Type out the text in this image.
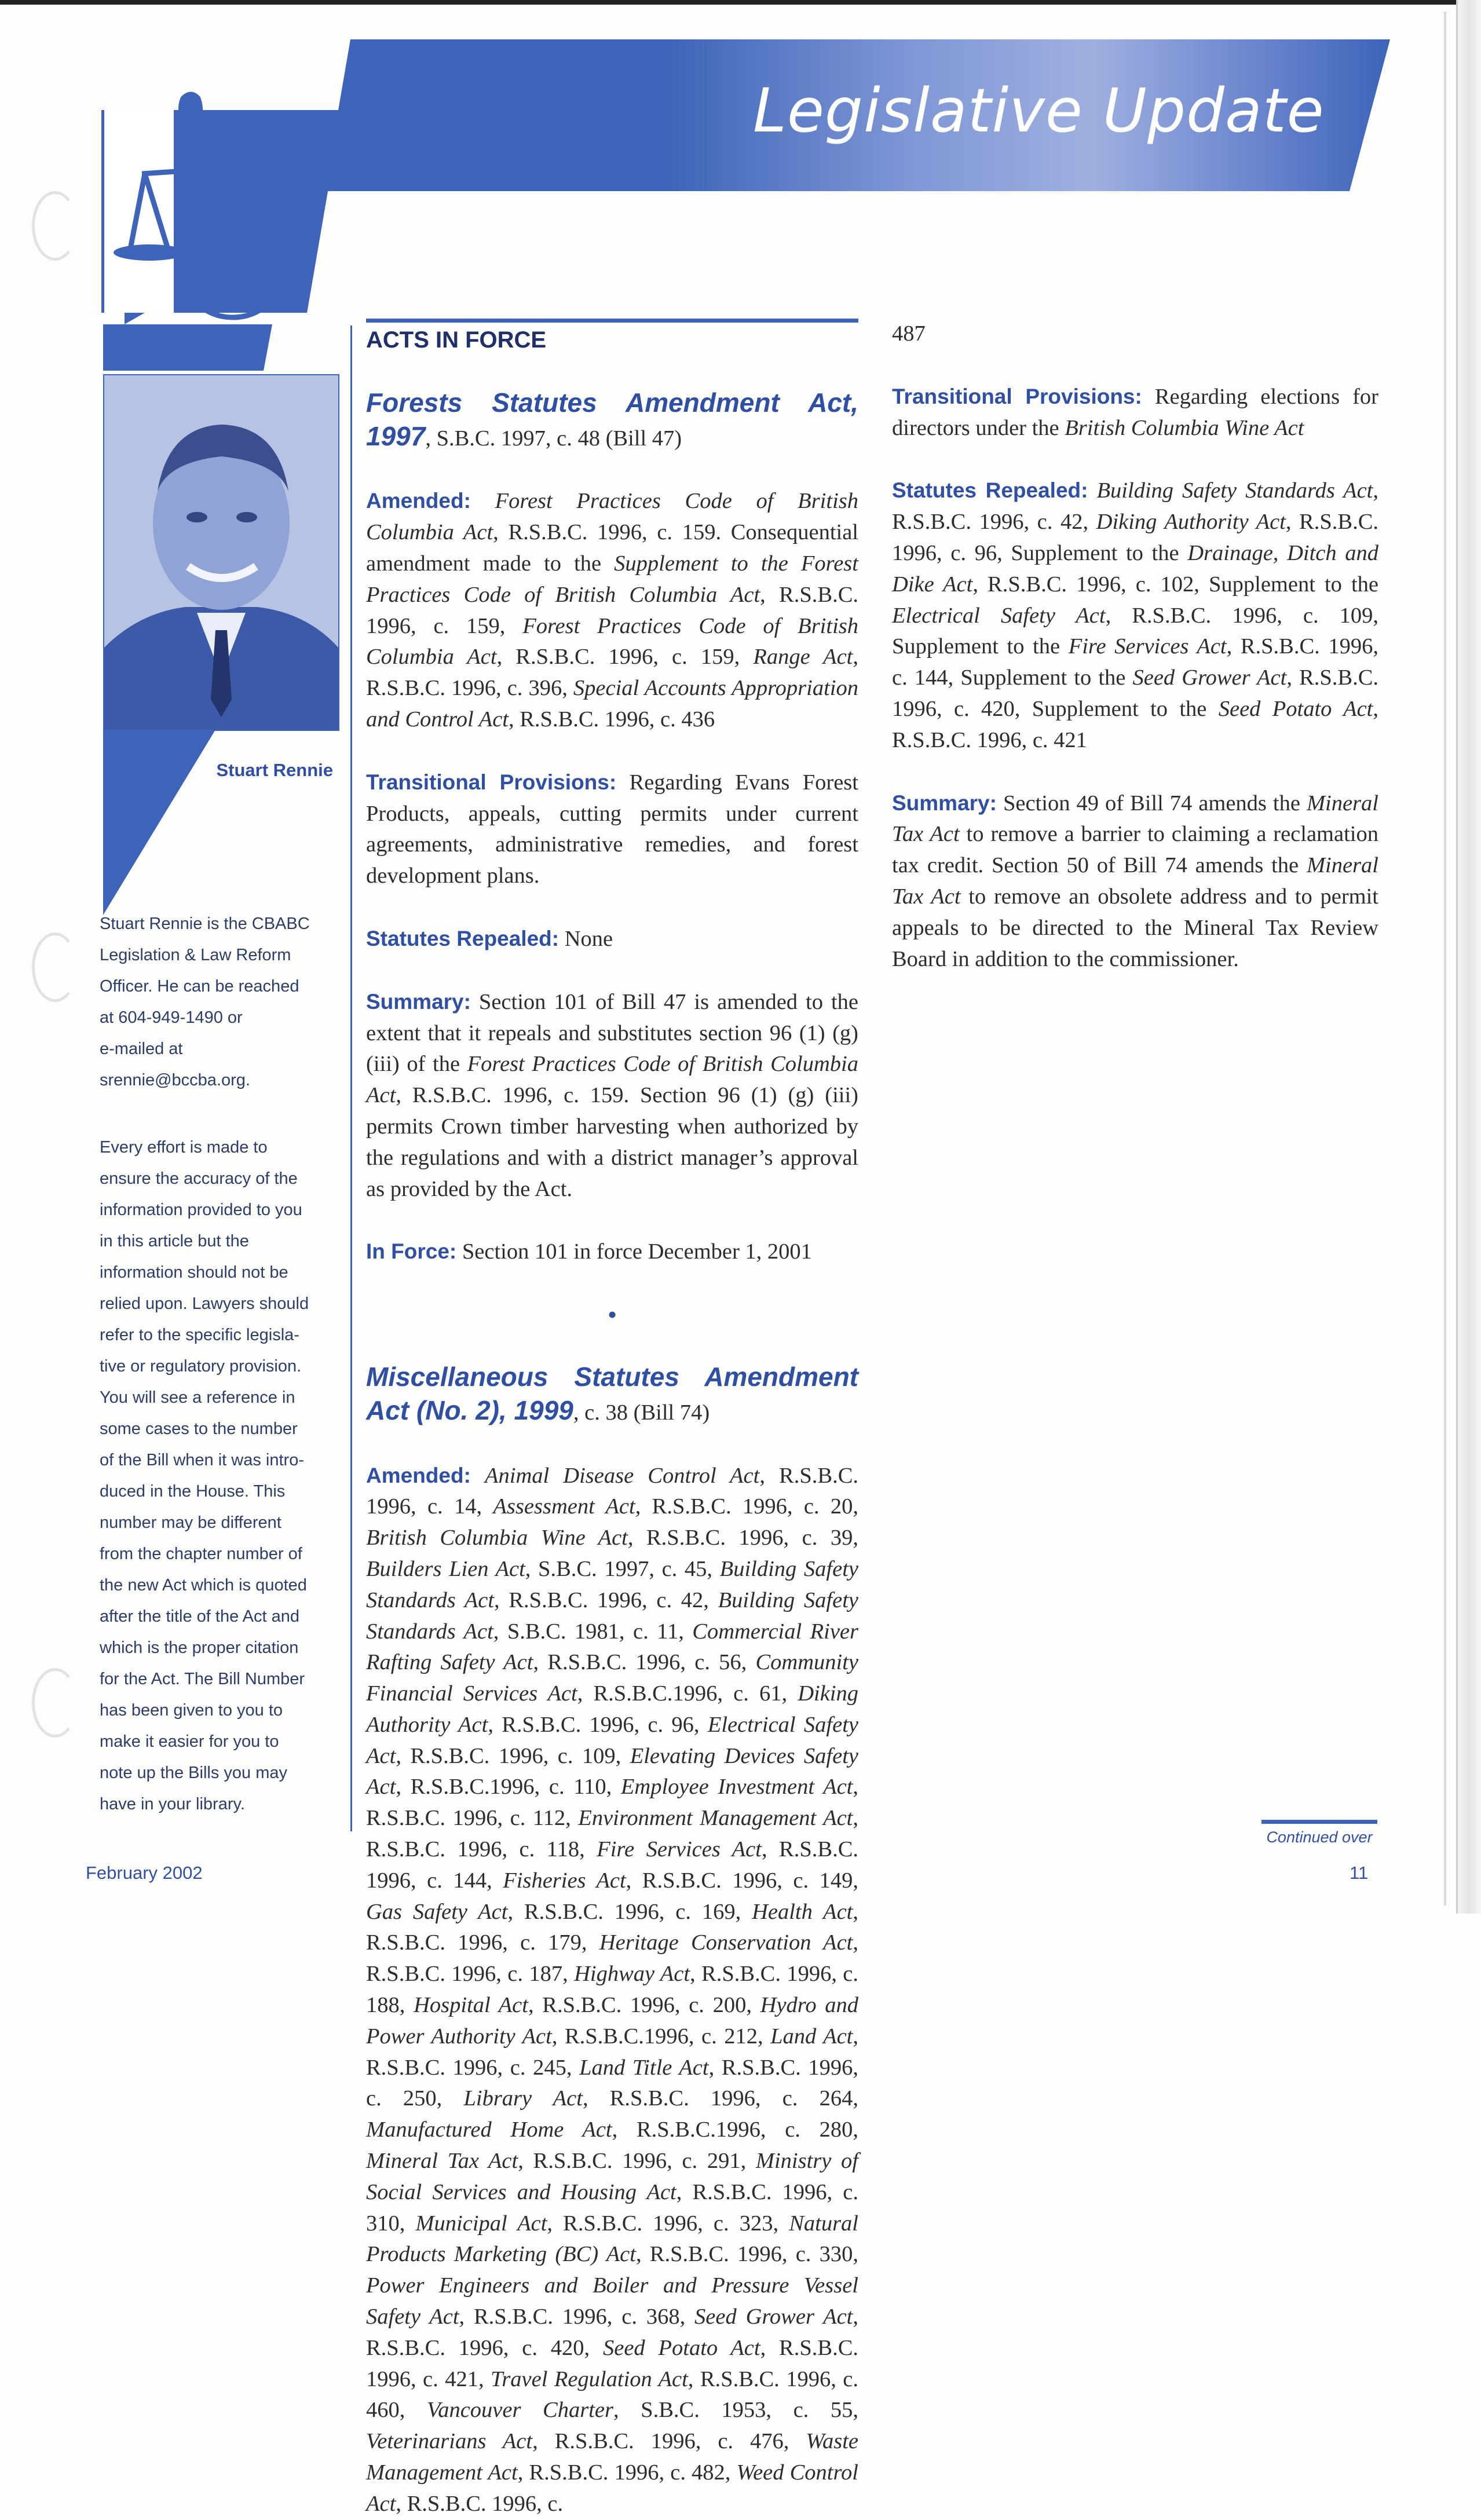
Legislative Update
Stuart Rennie

Stuart Rennie is the CBABC

Legislation & Law Reform

Officer. He can be reached

at 604-949-1490 or

e-mailed at

srennie@bccba.org.

Every effort is made to

ensure the accuracy of the

information provided to you

in this article but the

information should not be

relied upon. Lawyers should

refer to the specific legisla-

tive or regulatory provision.

You will see a reference in

some cases to the number

of the Bill when it was intro-

duced in the House. This

number may be different

from the chapter number of

the new Act which is quoted

after the title of the Act and

which is the proper citation

for the Act. The Bill Number

has been given to you to

make it easier for you to

note up the Bills you may

have in your library.

ACTS IN FORCE

Forests Statutes Amendment Act, 1997, S.B.C. 1997, c. 48 (Bill 47)

Amended: Forest Practices Code of British Columbia Act, R.S.B.C. 1996, c. 159. Consequential amendment made to the Supplement to the Forest Practices Code of British Columbia Act, R.S.B.C. 1996, c. 159, Forest Practices Code of British Columbia Act, R.S.B.C. 1996, c. 159, Range Act, R.S.B.C. 1996, c. 396, Special Accounts Appropriation and Control Act, R.S.B.C. 1996, c. 436

Transitional Provisions: Regarding Evans Forest Products, appeals, cutting permits under current agreements, administrative remedies, and forest development plans.

Statutes Repealed: None

Summary: Section 101 of Bill 47 is amended to the extent that it repeals and substitutes section 96 (1) (g) (iii) of the Forest Practices Code of British Columbia Act, R.S.B.C. 1996, c. 159. Section 96 (1) (g) (iii) permits Crown timber harvesting when authorized by the regulations and with a district manager’s approval as provided by the Act.

In Force: Section 101 in force December 1, 2001

•

Miscellaneous Statutes Amendment Act (No. 2), 1999, c. 38 (Bill 74)

Amended: Animal Disease Control Act, R.S.B.C. 1996, c. 14, Assessment Act, R.S.B.C. 1996, c. 20, British Columbia Wine Act, R.S.B.C. 1996, c. 39, Builders Lien Act, S.B.C. 1997, c. 45, Building Safety Standards Act, R.S.B.C. 1996, c. 42, Building Safety Standards Act, S.B.C. 1981, c. 11, Commercial River Rafting Safety Act, R.S.B.C. 1996, c. 56, Community Financial Services Act, R.S.B.C.1996, c. 61, Diking Authority Act, R.S.B.C. 1996, c. 96, Electrical Safety Act, R.S.B.C. 1996, c. 109, Elevating Devices Safety Act, R.S.B.C.1996, c. 110, Employee Investment Act, R.S.B.C. 1996, c. 112, Environment Management Act, R.S.B.C. 1996, c. 118, Fire Services Act, R.S.B.C. 1996, c. 144, Fisheries Act, R.S.B.C. 1996, c. 149, Gas Safety Act, R.S.B.C. 1996, c. 169, Health Act, R.S.B.C. 1996, c. 179, Heritage Conservation Act, R.S.B.C. 1996, c. 187, Highway Act, R.S.B.C. 1996, c. 188, Hospital Act, R.S.B.C. 1996, c. 200, Hydro and Power Authority Act, R.S.B.C.1996, c. 212, Land Act, R.S.B.C. 1996, c. 245, Land Title Act, R.S.B.C. 1996, c. 250, Library Act, R.S.B.C. 1996, c. 264, Manufactured Home Act, R.S.B.C.1996, c. 280, Mineral Tax Act, R.S.B.C. 1996, c. 291, Ministry of Social Services and Housing Act, R.S.B.C. 1996, c. 310, Municipal Act, R.S.B.C. 1996, c. 323, Natural Products Marketing (BC) Act, R.S.B.C. 1996, c. 330, Power Engineers and Boiler and Pressure Vessel Safety Act, R.S.B.C. 1996, c. 368, Seed Grower Act, R.S.B.C. 1996, c. 420, Seed Potato Act, R.S.B.C. 1996, c. 421, Travel Regulation Act, R.S.B.C. 1996, c. 460, Vancouver Charter, S.B.C. 1953, c. 55, Veterinarians Act, R.S.B.C. 1996, c. 476, Waste Management Act, R.S.B.C. 1996, c. 482, Weed Control Act, R.S.B.C. 1996, c.

487

Transitional Provisions: Regarding elections for directors under the British Columbia Wine Act

Statutes Repealed: Building Safety Standards Act, R.S.B.C. 1996, c. 42, Diking Authority Act, R.S.B.C. 1996, c. 96, Supplement to the Drainage, Ditch and Dike Act, R.S.B.C. 1996, c. 102, Supplement to the Electrical Safety Act, R.S.B.C. 1996, c. 109, Supplement to the Fire Services Act, R.S.B.C. 1996, c. 144, Supplement to the Seed Grower Act, R.S.B.C. 1996, c. 420, Supplement to the Seed Potato Act, R.S.B.C. 1996, c. 421

Summary: Section 49 of Bill 74 amends the Mineral Tax Act to remove a barrier to claiming a reclamation tax credit. Section 50 of Bill 74 amends the Mineral Tax Act to remove an obsolete address and to permit appeals to be directed to the Mineral Tax Review Board in addition to the commissioner.

Continued over
February 2002	11
